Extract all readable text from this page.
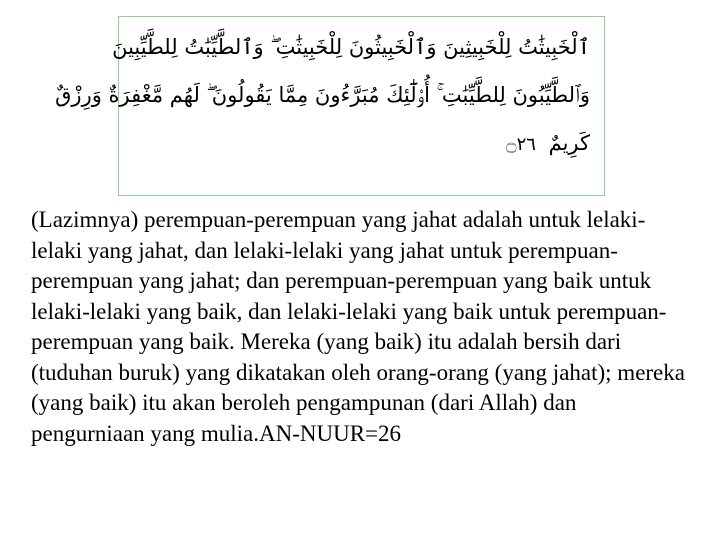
ٱلْخَبِيثَٰتُ لِلْخَبِيثِينَ وَٱلْخَبِيثُونَ لِلْخَبِيثَٰتِ ۖ وَٱلطَّيِّبَٰتُ لِلطَّيِّبِينَ
وَٱلطَّيِّبُونَ لِلطَّيِّبَٰتِ ۚ أُو۟لَٰٓئِكَ مُبَرَّءُونَ مِمَّا يَقُولُونَ ۖ لَهُم مَّغْفِرَةٌ وَرِزْقٌ
كَرِيمٌ ۝٢٦

(Lazimnya) perempuan-perempuan yang jahat adalah untuk lelaki-lelaki yang jahat, dan lelaki-lelaki yang jahat untuk perempuan-perempuan yang jahat; dan perempuan-perempuan yang baik untuk lelaki-lelaki yang baik, dan lelaki-lelaki yang baik untuk perempuan-perempuan yang baik. Mereka (yang baik) itu adalah bersih dari (tuduhan buruk) yang dikatakan oleh orang-orang (yang jahat); mereka (yang baik) itu akan beroleh pengampunan (dari Allah) dan pengurniaan yang mulia.AN-NUUR=26
